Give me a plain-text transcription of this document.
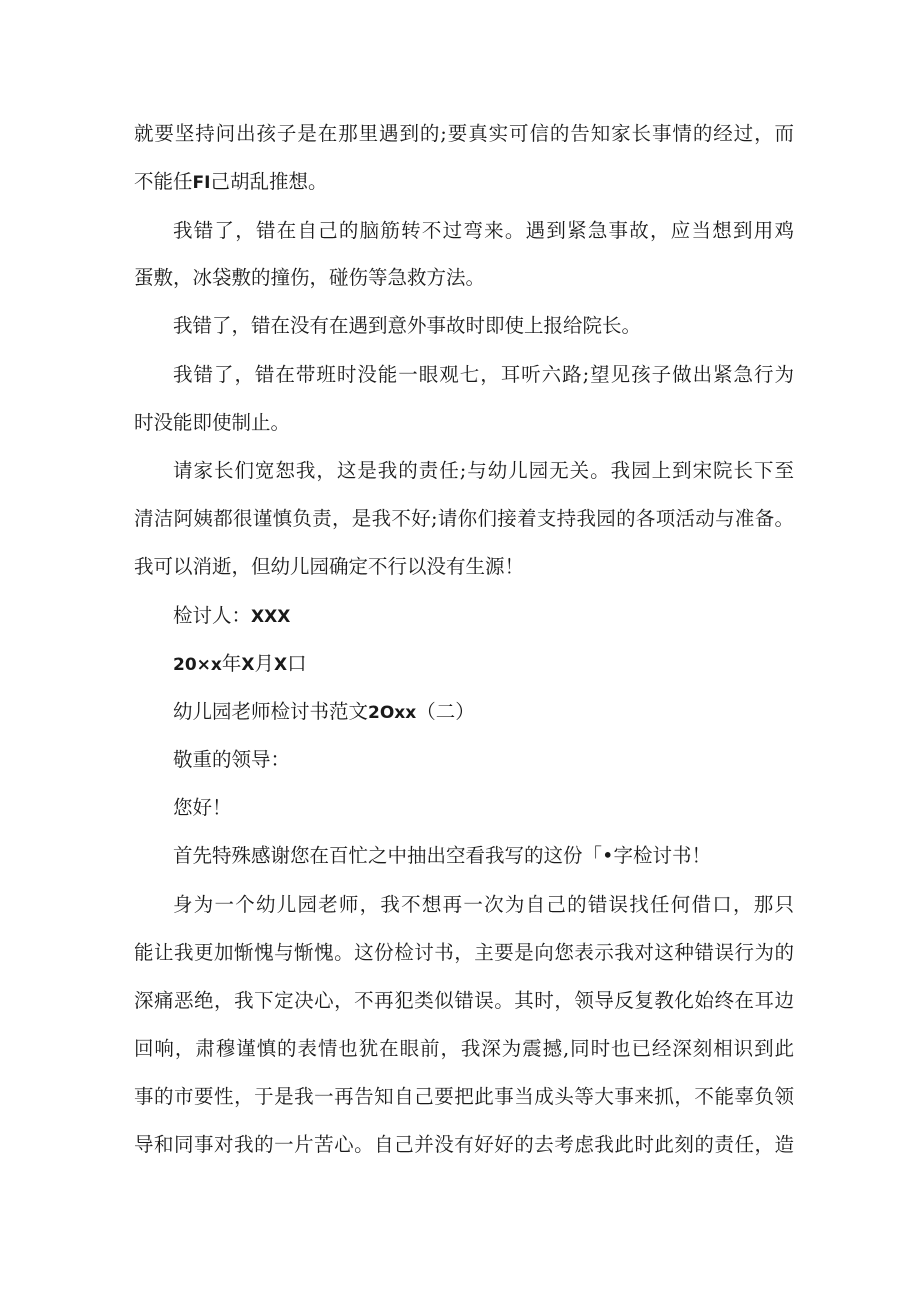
就要坚持问出孩子是在那里遇到的;要真实可信的告知家长事情的经过，而
不能任FI己胡乱推想。
我错了，错在自己的脑筋转不过弯来。遇到紧急事故，应当想到用鸡
蛋敷，冰袋敷的撞伤，碰伤等急救方法。
我错了，错在没有在遇到意外事故时即使上报给院长。
我错了，错在带班时没能一眼观七，耳听六路;望见孩子做出紧急行为
时没能即使制止。
请家长们宽恕我，这是我的责任;与幼儿园无关。我园上到宋院长下至
清洁阿姨都很谨慎负责，是我不好;请你们接着支持我园的各项活动与准备。
我可以消逝，但幼儿园确定不行以没有生源！
检讨人：XXX
20×x年X月X口
幼儿园老师检讨书范文2Oxx（二）
敬重的领导：
您好！
首先特殊感谢您在百忙之中抽出空看我写的这份「•字检讨书！
身为一个幼儿园老师，我不想再一次为自己的错误找任何借口，那只
能让我更加惭愧与惭愧。这份检讨书，主要是向您表示我对这种错误行为的
深痛恶绝，我下定决心，不再犯类似错误。其时，领导反复教化始终在耳边
回响，肃穆谨慎的表情也犹在眼前，我深为震撼,同时也已经深刻相识到此
事的市要性，于是我一再告知自己要把此事当成头等大事来抓，不能辜负领
导和同事对我的一片苦心。自己并没有好好的去考虑我此时此刻的责任，造
